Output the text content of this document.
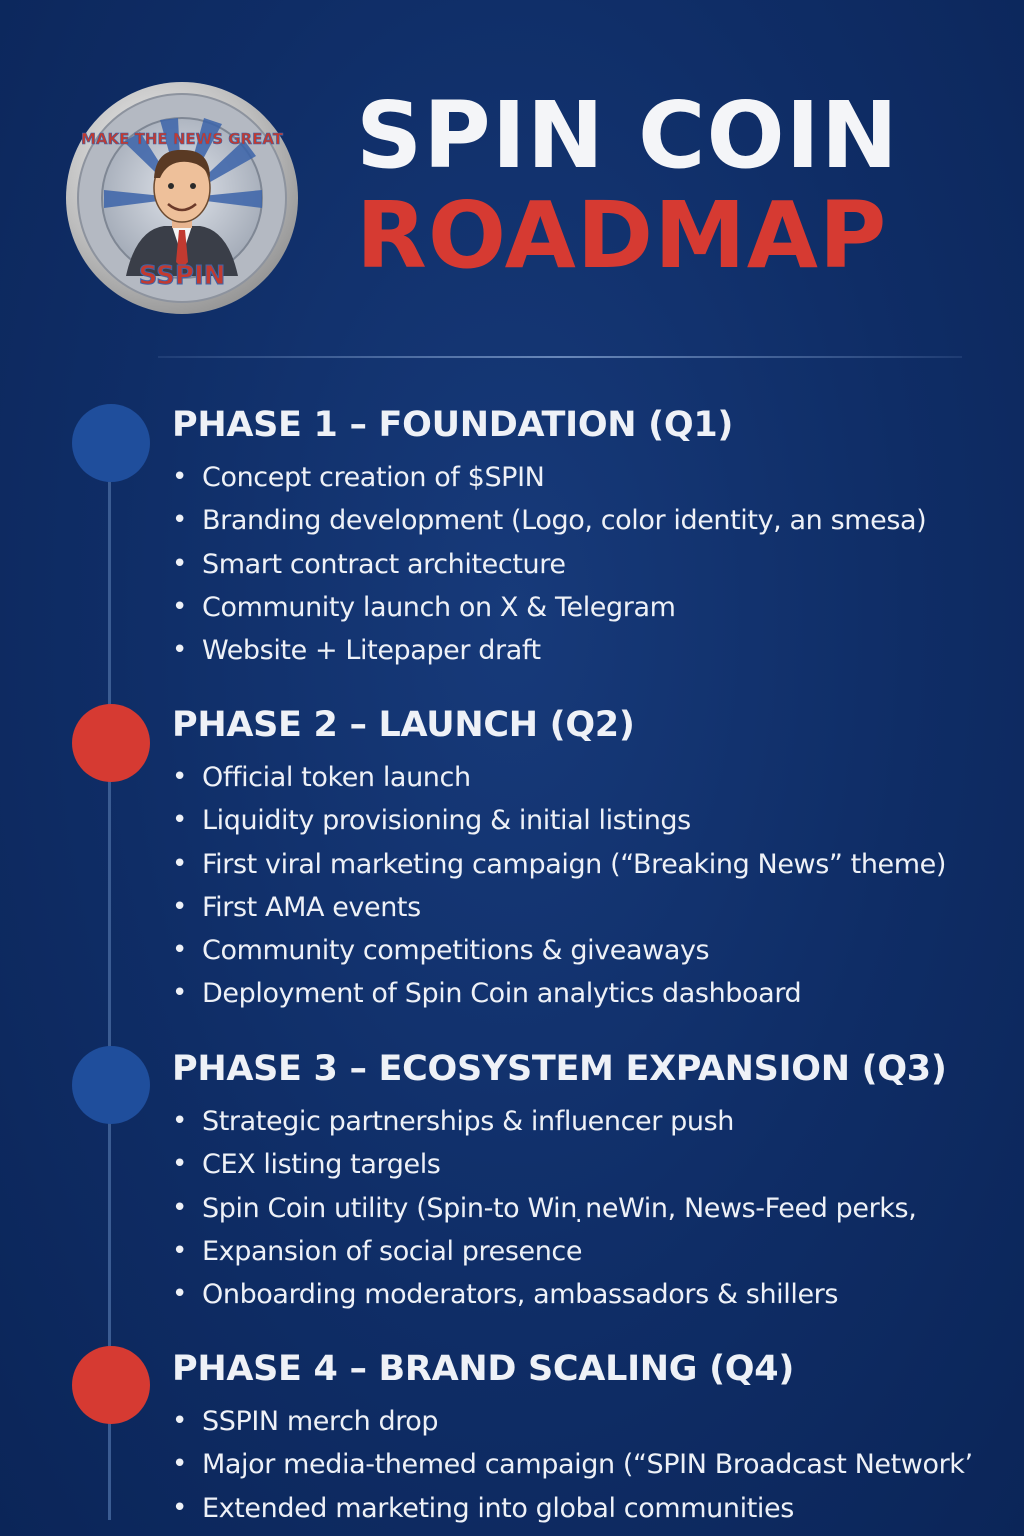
MAKE THE NEWS GREAT
SSPIN
SPIN COIN
ROADMAP
PHASE 1 – FOUNDATION (Q1)
• Concept creation of $SPIN
• Branding development (Logo, color identity, an smesa)
• Smart contract architecture
• Community launch on X & Telegram
• Website + Litepaper draft
PHASE 2 – LAUNCH (Q2)
• Official token launch
• Liquidity provisioning & initial listings
• First viral marketing campaign (“Breaking News” theme)
• First AMA events
• Community competitions & giveaways
• Deployment of Spin Coin analytics dashboard
PHASE 3 – ECOSYSTEM EXPANSION (Q3)
• Strategic partnerships & influencer push
• CEX listing targels
• Spin Coin utility (Spin-to Win ̣neWin, News-Feed perks,
• Expansion of social presence
• Onboarding moderators, ambassadors & shillers
PHASE 4 – BRAND SCALING (Q4)
• SSPIN merch drop
• Major media-themed campaign (“SPIN Broadcast Network’
• Extended marketing into global communities
